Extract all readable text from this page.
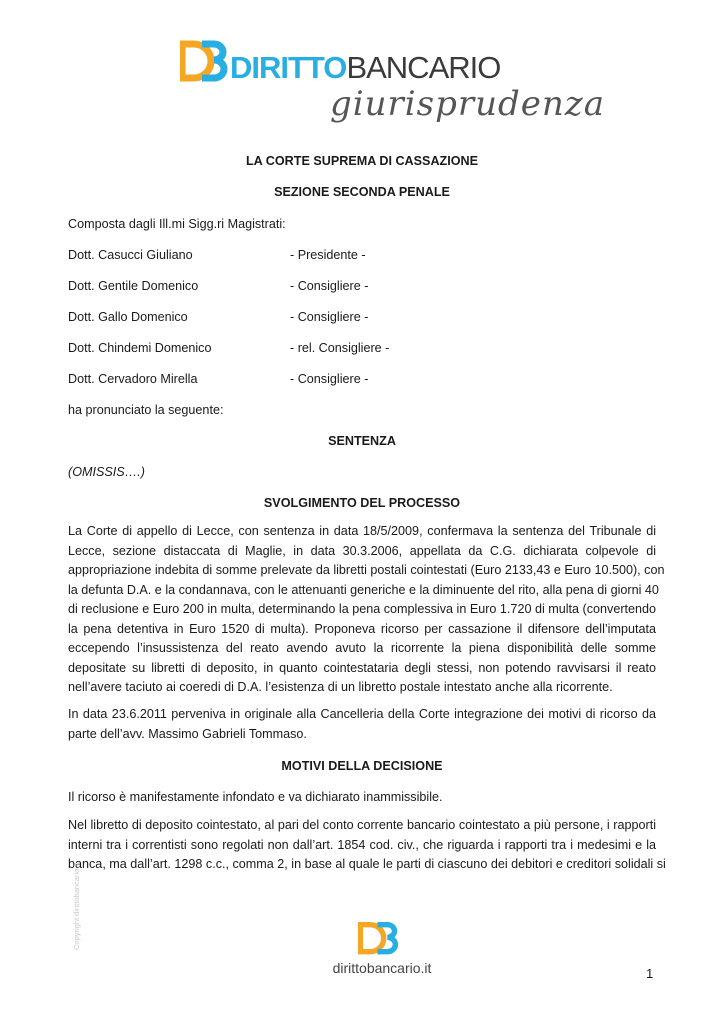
DIRITTOBANCARIO
giurisprudenza
LA CORTE SUPREMA DI CASSAZIONE
SEZIONE SECONDA PENALE
Composta dagli Ill.mi Sigg.ri Magistrati:
Dott. Casucci Giuliano	- Presidente -
Dott. Gentile Domenico	- Consigliere -
Dott. Gallo Domenico	- Consigliere -
Dott. Chindemi Domenico	- rel. Consigliere -
Dott. Cervadoro Mirella	- Consigliere -
ha pronunciato la seguente:
SENTENZA
(OMISSIS….)
SVOLGIMENTO DEL PROCESSO
La Corte di appello di Lecce, con sentenza in data 18/5/2009, confermava la sentenza del Tribunale di
Lecce, sezione distaccata di Maglie, in data 30.3.2006, appellata da C.G. dichiarata colpevole di
appropriazione indebita di somme prelevate da libretti postali cointestati (Euro 2133,43 e Euro 10.500), con
la defunta D.A. e la condannava, con le attenuanti generiche e la diminuente del rito, alla pena di giorni 40
di reclusione e Euro 200 in multa, determinando la pena complessiva in Euro 1.720 di multa (convertendo
la pena detentiva in Euro 1520 di multa). Proponeva ricorso per cassazione il difensore dell’imputata
eccependo l’insussistenza del reato avendo avuto la ricorrente la piena disponibilità delle somme
depositate su libretti di deposito, in quanto cointestataria degli stessi, non potendo ravvisarsi il reato
nell’avere taciuto ai coeredi di D.A. l’esistenza di un libretto postale intestato anche alla ricorrente.
In data 23.6.2011 perveniva in originale alla Cancelleria della Corte integrazione dei motivi di ricorso da
parte dell’avv. Massimo Gabrieli Tommaso.
MOTIVI DELLA DECISIONE
Il ricorso è manifestamente infondato e va dichiarato inammissibile.
Nel libretto di deposito cointestato, al pari del conto corrente bancario cointestato a più persone, i rapporti
interni tra i correntisti sono regolati non dall’art. 1854 cod. civ., che riguarda i rapporti tra i medesimi e la
banca, ma dall’art. 1298 c.c., comma 2, in base al quale le parti di ciascuno dei debitori e creditori solidali si
Copyright dirittobancario.it
dirittobancario.it	1
